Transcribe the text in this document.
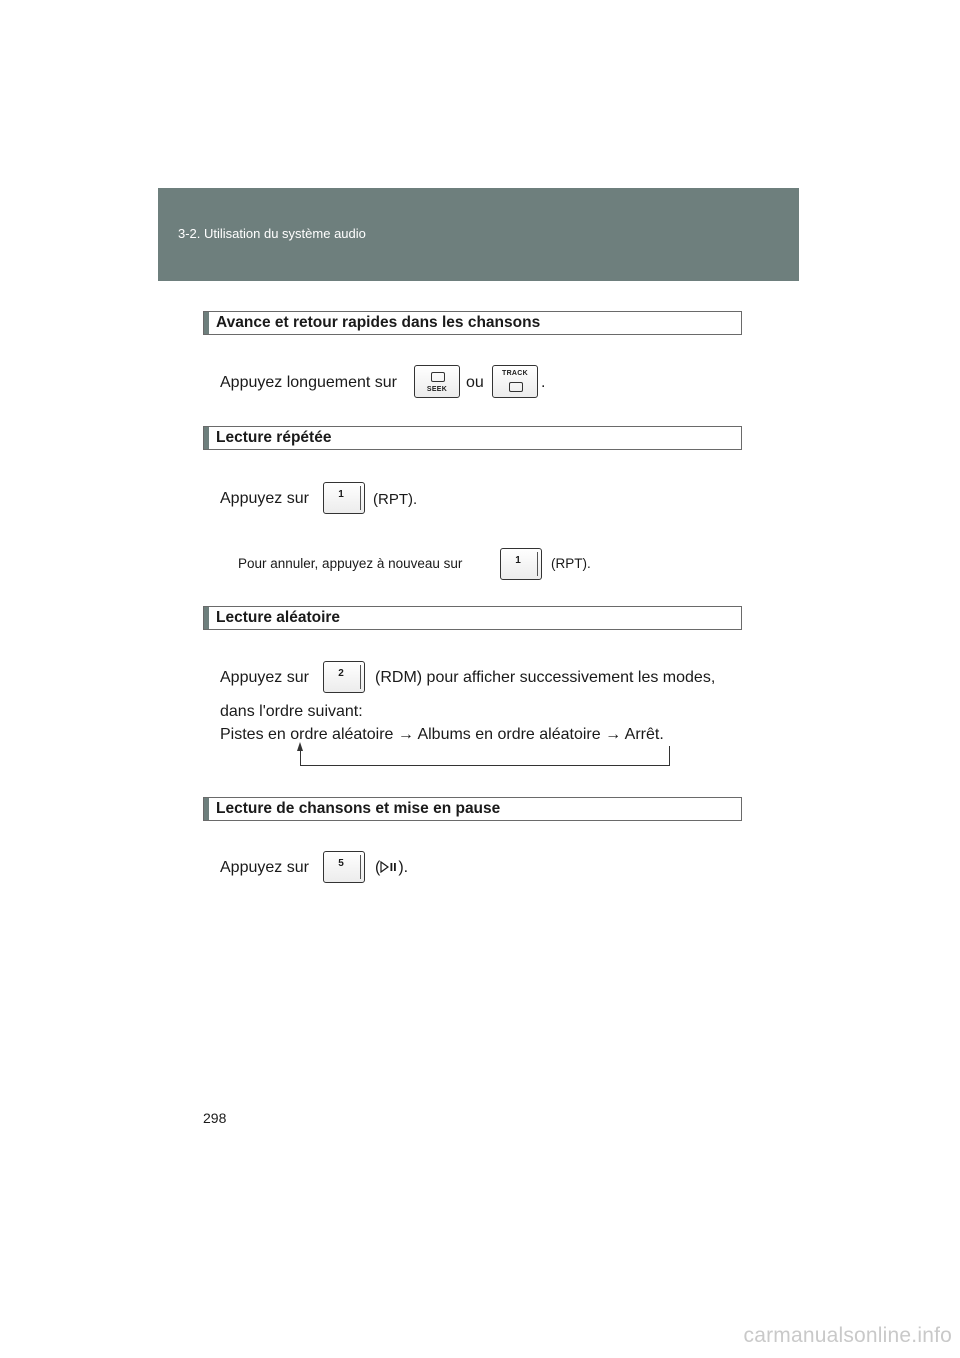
3-2. Utilisation du système audio
Avance et retour rapides dans les chansons
Appuyez longuement sur	SEEK	ou
TRACK
.
Lecture répétée
Appuyez sur	1	(RPT).
Pour annuler, appuyez à nouveau sur	1	(RPT).
Lecture aléatoire
Appuyez sur	2	(RDM) pour afficher successivement les modes,
dans l'ordre suivant:
Pistes en ordre aléatoire → Albums en ordre aléatoire → Arrêt.
Lecture de chansons et mise en pause
Appuyez sur	5	( ).
298
carmanualsonline.info
